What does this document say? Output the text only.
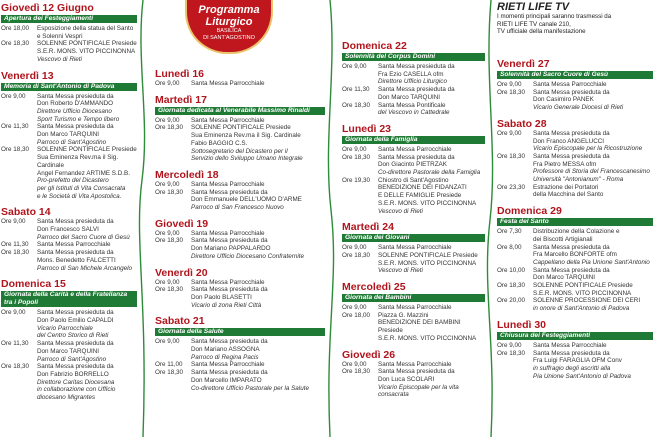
Programma
Liturgico
BASILICA
DI SANT'AGOSTINO
RIETI LIFE TV
I momenti principali saranno trasmessi da
RIETI LIFE TV canale 210,
TV ufficiale della manifestazione
Giovedì 12 Giugno
Apertura dei Festeggiamenti
Ore 18,00	Esposizione della statua del Santo
e Solenni Vespri
Ore 18,30	SOLENNE PONTIFICALE Presiede
S.E.R. MONS. VITO PICCINONNA
Vescovo di Rieti
Venerdì 13
Memoria di Sant'Antonio di Padova
Ore 9,00	Santa Messa presieduta da
Don Roberto D'AMMANDO
Direttore Ufficio Diocesano
Sport Turismo e Tempo libero
Ore 11,30	Santa Messa presieduta da
Don Marco TARQUINI
Parroco di Sant'Agostino
Ore 18,30	SOLENNE PONTIFICALE Presiede
Sua Eminenza Rev.ma il Sig. Cardinale
Angel Fernandez ARTIME S.D.B.
Pro-prefetto del Dicastero
per gli Istituti di Vita Consacrata
e le Società di Vita Apostolica.
Sabato 14
Ore 9,00	Santa Messa presieduta da
Don Francesco SALVI
Parroco del Sacro Cuore di Gesù
Ore 11,30	Santa Messa Parrocchiale
Ore 18,30	Santa Messa presieduta da
Mons. Benedetto FALCETTI
Parroco di San Michele Arcangelo
Domenica 15
Giornata della Carità e della Fratellanza tra i Popoli
Ore 9,00	Santa Messa presieduta da
Don Paolo Emilio CAPALDI
Vicario Parrocchiale
del Centro Storico di Rieti
Ore 11,30	Santa Messa presieduta da
Don Marco TARQUINI
Parroco di Sant'Agostino
Ore 18,30	Santa Messa presieduta da
Don Fabrizio BORRELLO
Direttore Caritas Diocesana
in collaborazione con Ufficio diocesano Migrantes
Lunedì 16
Ore 9,00	Santa Messa Parrocchiale
Martedì 17
Giornata dedicata al Venerabile Massimo Rinaldi
Ore 9,00	Santa Messa Parrocchiale
Ore 18,30	SOLENNE PONTIFICALE Presiede
Sua Eminenza Rev.ma il Sig. Cardinale
Fabio BAGGIO C.S.
Sottosegretario del Dicastero per il
Servizio dello Sviluppo Umano Integrale
Mercoledì 18
Ore 9,00	Santa Messa Parrocchiale
Ore 18,30	Santa Messa presieduta da
Don Emmanuele DELL'UOMO D'ARME
Parroco di San Francesco Nuovo
Giovedì 19
Ore 9,00	Santa Messa Parrocchiale
Ore 18,30	Santa Messa presieduta da
Don Mariano PAPPALARDO
Direttore Ufficio Diocesano Confraternite
Venerdì 20
Ore 9,00	Santa Messa Parrocchiale
Ore 18,30	Santa Messa presieduta da
Don Paolo BLASETTI
Vicario di zona Rieti Città
Sabato 21
Giornata della Salute
Ore 9,00	Santa Messa presieduta da
Don Mariano ASSOGNA
Parroco di Regina Pacis
Ore 11,00	Santa Messa Parrocchiale
Ore 18,30	Santa Messa presieduta da
Don Marcello IMPARATO
Co-direttore Ufficio Pastorale per la Salute
Domenica 22
Solennità del Corpus Domini
Ore 9,00	Santa Messa presieduta da
Fra Ezio CASELLA ofm
Direttore Ufficio Liturgico
Ore 11,30	Santa Messa presieduta da
Don Marco TARQUINI
Ore 18,30	Santa Messa Pontificale
del Vescovo in Cattedrale
Lunedì 23
Giornata della Famiglia
Ore 9,00	Santa Messa Parrocchiale
Ore 18,30	Santa Messa presieduta da
Don Giacinto PIETRZAK
Co-direttore Pastorale della Famiglia
Ore 19,30	Chiostro di Sant'Agostino
BENEDIZIONE DEI FIDANZATI
E DELLE FAMIGLIE Presiede
S.E.R. MONS. VITO PICCINONNA
Vescovo di Rieti
Martedì 24
Giornata dei Giovani
Ore 9,00	Santa Messa Parrocchiale
Ore 18,30	SOLENNE PONTIFICALE Presiede
S.E.R. MONS. VITO PICCINONNA
Vescovo di Rieti
Mercoledì 25
Giornata dei Bambini
Ore 9,00	Santa Messa Parrocchiale
Ore 18,00	Piazza G. Mazzini
BENEDIZIONE DEI BAMBINI Presiede
S.E.R. MONS. VITO PICCINONNA
Giovedì 26
Ore 9,00	Santa Messa Parrocchiale
Ore 18,30	Santa Messa presieduta da
Don Luca SCOLARI
Vicario Episcopale per la vita consacrata
Venerdì 27
Solennità del Sacro Cuore di Gesù
Ore 9,00	Santa Messa Parrocchiale
Ore 18,30	Santa Messa presieduta da
Don Casimiro PANEK
Vicario Generale Diocesi di Rieti
Sabato 28
Ore 9,00	Santa Messa presieduta da
Don Franco ANGELUCCI
Vicario Episcopale per la Ricostruzione
Ore 18,30	Santa Messa presieduta da
Fra Pietro MESSA ofm
Professore di Storia del Francescanesimo
Università "Antonianum" - Roma
Ore 23,30	Estrazione dei Portatori
della Macchina del Santo
Domenica 29
Festa del Santo
Ore 7,30	Distribuzione della Colazione e
dei Biscotti Artigianali
Ore 8,00	Santa Messa presieduta da
Fra Marcello BONFORTE ofm
Cappellano della Pia Unione Sant'Antonio
Ore 10,00	Santa Messa presieduta da
Don Marco TARQUINI
Ore 18,30	SOLENNE PONTIFICALE Presiede
S.E.R. MONS. VITO PICCINONNA
Ore 20,00	SOLENNE PROCESSIONE DEI CERI
in onore di Sant'Antonio di Padova
Lunedì 30
Chiusura dei Festeggiamenti
Ore 9,00	Santa Messa Parrocchiale
Ore 18,30	Santa Messa presieduta da
Fra Luigi FARAGLIA OFM Conv
in suffragio degli ascritti alla
Pia Unione Sant'Antonio di Padova
